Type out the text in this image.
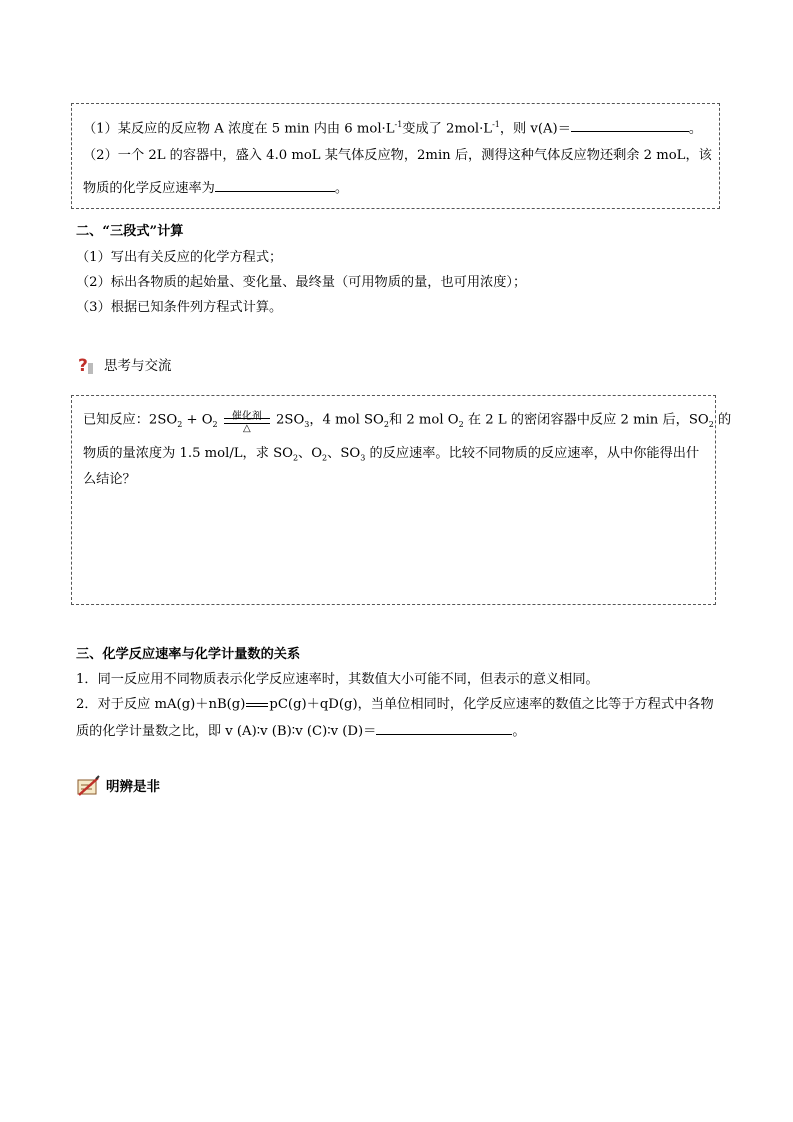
（1）某反应的反应物 A 浓度在 5 min 内由 6 $mol\cdot L^{-1}$变成了 $2mol\cdot L^{-1}$，则 v(A)＝	。
（2）一个 2L 的容器中，盛入 4.0 moL 某气体反应物，2min 后，测得这种气体反应物还剩余 2 moL，该
物质的化学反应速率为	。
二、“三段式”计算
（1）写出有关反应的化学方程式；
（2）标出各物质的起始量、变化量、最终量（可用物质的量，也可用浓度）；
（3）根据已知条件列方程式计算。
? 思考与交流
已知反应：$2SO_2 + O_2$
催化剂
△
$2SO_3$，4 mol $SO_2$和 2 mol $O_2$ 在 2 L 的密闭容器中反应 2 min 后，$SO_2$ 的
物质的量浓度为 1.5 mol/L，求 $SO_2$、$O_2$、$SO_3$ 的反应速率。比较不同物质的反应速率，从中你能得出什
么结论？
三、化学反应速率与化学计量数的关系
1．同一反应用不同物质表示化学反应速率时，其数值大小可能不同，但表示的意义相同。
2．对于反应 mA(g)＋nB(g) pC(g)＋qD(g)，当单位相同时，化学反应速率的数值之比等于方程式中各物
质的化学计量数之比，即 v (A)∶v (B)∶v (C)∶v (D)＝	。
明辨是非
